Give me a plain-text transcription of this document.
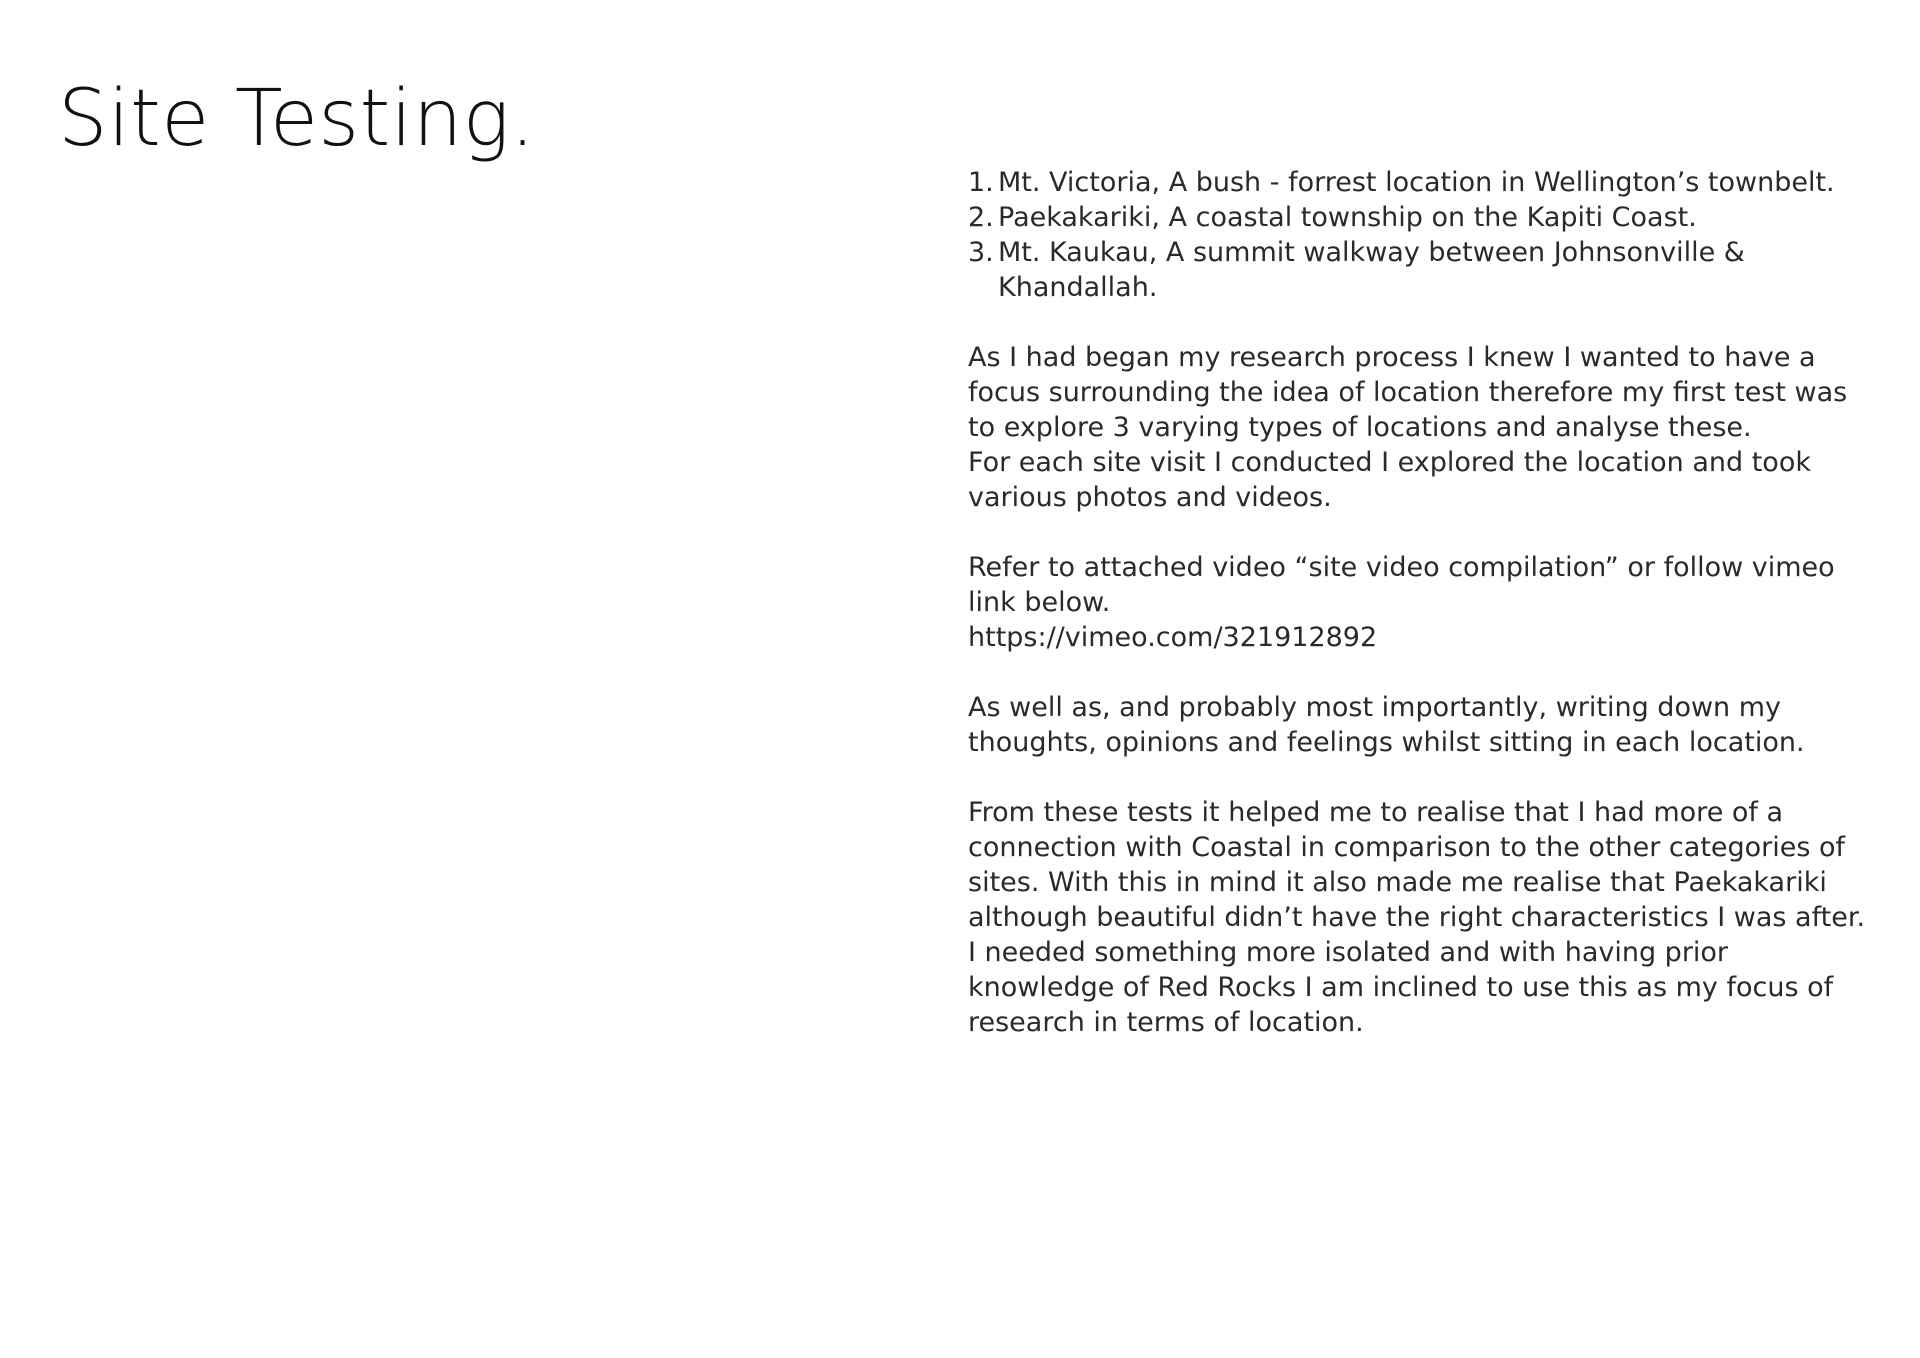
Site Testing.
1. Mt. Victoria, A bush - forrest location in Wellington’s townbelt.
2. Paekakariki, A coastal township on the Kapiti Coast.
3. Mt. Kaukau, A summit walkway between Johnsonville & Khandallah.

As I had began my research process I knew I wanted to have a focus surrounding the idea of location therefore my first test was to explore 3 varying types of locations and analyse these.
For each site visit I conducted I explored the location and took various photos and videos.

Refer to attached video “site video compilation” or follow vimeo link below.
https://vimeo.com/321912892

As well as, and probably most importantly, writing down my thoughts, opinions and feelings whilst sitting in each location.

From these tests it helped me to realise that I had more of a connection with Coastal in comparison to the other categories of sites. With this in mind it also made me realise that Paekakariki although beautiful didn’t have the right characteristics I was after. I needed something more isolated and with having prior knowledge of Red Rocks I am inclined to use this as my focus of research in terms of location.
